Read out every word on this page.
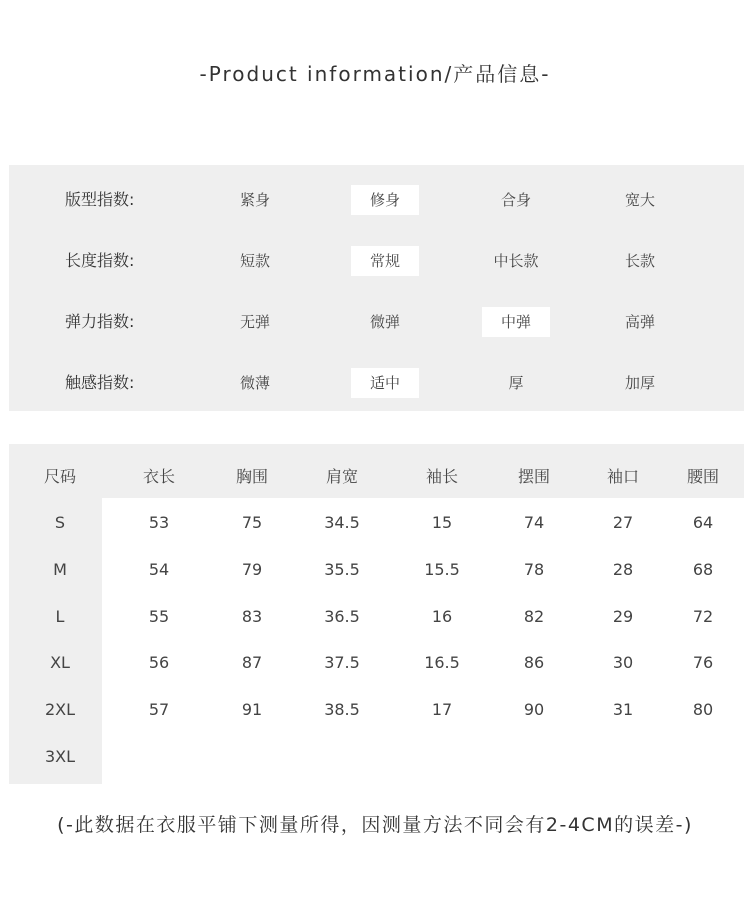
-Product information/产品信息-
版型指数:	紧身	修身	合身	宽大
长度指数:	短款	常规	中长款	长款
弹力指数:	无弹	微弹	中弹	高弹
触感指数:	微薄	适中	厚	加厚
尺码	衣长	胸围	肩宽	袖长	摆围	袖口	腰围
S	53	75	34.5	15	74	27	64
M	54	79	35.5	15.5	78	28	68
L	55	83	36.5	16	82	29	72
XL	56	87	37.5	16.5	86	30	76
2XL	57	91	38.5	17	90	31	80
3XL
(-此数据在衣服平铺下测量所得，因测量方法不同会有2-4CM的误差-)
